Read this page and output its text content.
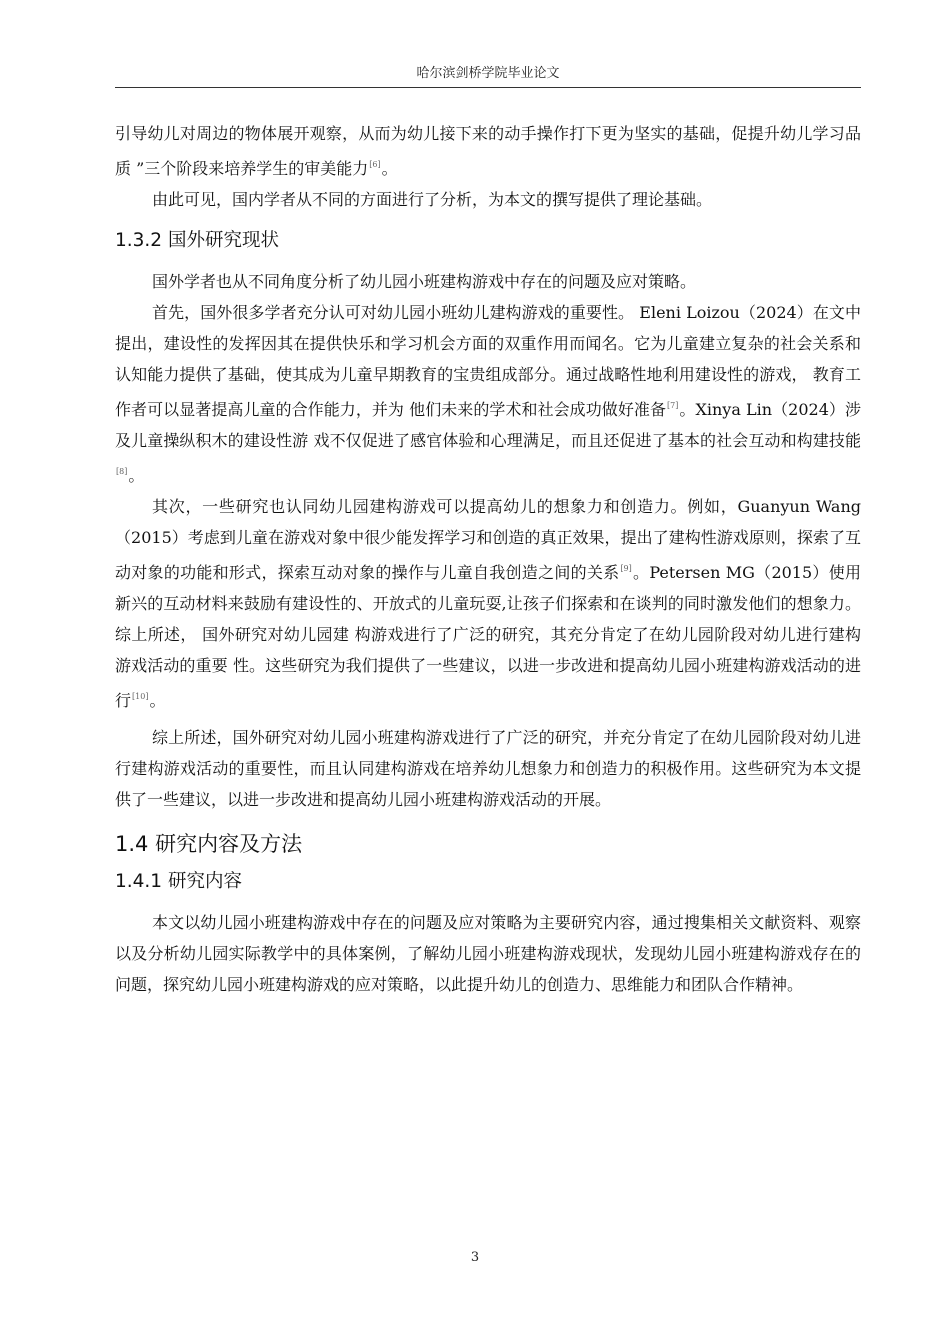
哈尔滨剑桥学院毕业论文

引导幼儿对周边的物体展开观察，从而为幼儿接下来的动手操作打下更为坚实的基础，促提升幼儿学习品质 ”三个阶段来培养学生的审美能力[6]。

由此可见，国内学者从不同的方面进行了分析，为本文的撰写提供了理论基础。

1.3.2 国外研究现状

国外学者也从不同角度分析了幼儿园小班建构游戏中存在的问题及应对策略。

首先，国外很多学者充分认可对幼儿园小班幼儿建构游戏的重要性。 Eleni Loizou（2024）在文中提出，建设性的发挥因其在提供快乐和学习机会方面的双重作用而闻名。它为儿童建立复杂的社会关系和认知能力提供了基础，使其成为儿童早期教育的宝贵组成部分。通过战略性地利用建设性的游戏， 教育工作者可以显著提高儿童的合作能力，并为 他们未来的学术和社会成功做好准备[7]。Xinya Lin（2024）涉及儿童操纵积木的建设性游 戏不仅促进了感官体验和心理满足，而且还促进了基本的社会互动和构建技能[8]。

其次，一些研究也认同幼儿园建构游戏可以提高幼儿的想象力和创造力。例如，Guanyun Wang（2015）考虑到儿童在游戏对象中很少能发挥学习和创造的真正效果，提出了建构性游戏原则，探索了互动对象的功能和形式，探索互动对象的操作与儿童自我创造之间的关系[9]。Petersen MG（2015）使用新兴的互动材料来鼓励有建设性的、开放式的儿童玩耍,让孩子们探索和在谈判的同时激发他们的想象力。综上所述， 国外研究对幼儿园建 构游戏进行了广泛的研究，其充分肯定了在幼儿园阶段对幼儿进行建构游戏活动的重要 性。这些研究为我们提供了一些建议，以进一步改进和提高幼儿园小班建构游戏活动的进 行[10]。

综上所述，国外研究对幼儿园小班建构游戏进行了广泛的研究，并充分肯定了在幼儿园阶段对幼儿进行建构游戏活动的重要性，而且认同建构游戏在培养幼儿想象力和创造力的积极作用。这些研究为本文提供了一些建议，以进一步改进和提高幼儿园小班建构游戏活动的开展。

1.4 研究内容及方法
1.4.1 研究内容

本文以幼儿园小班建构游戏中存在的问题及应对策略为主要研究内容，通过搜集相关文献资料、观察以及分析幼儿园实际教学中的具体案例，了解幼儿园小班建构游戏现状，发现幼儿园小班建构游戏存在的问题，探究幼儿园小班建构游戏的应对策略，以此提升幼儿的创造力、思维能力和团队合作精神。

3
